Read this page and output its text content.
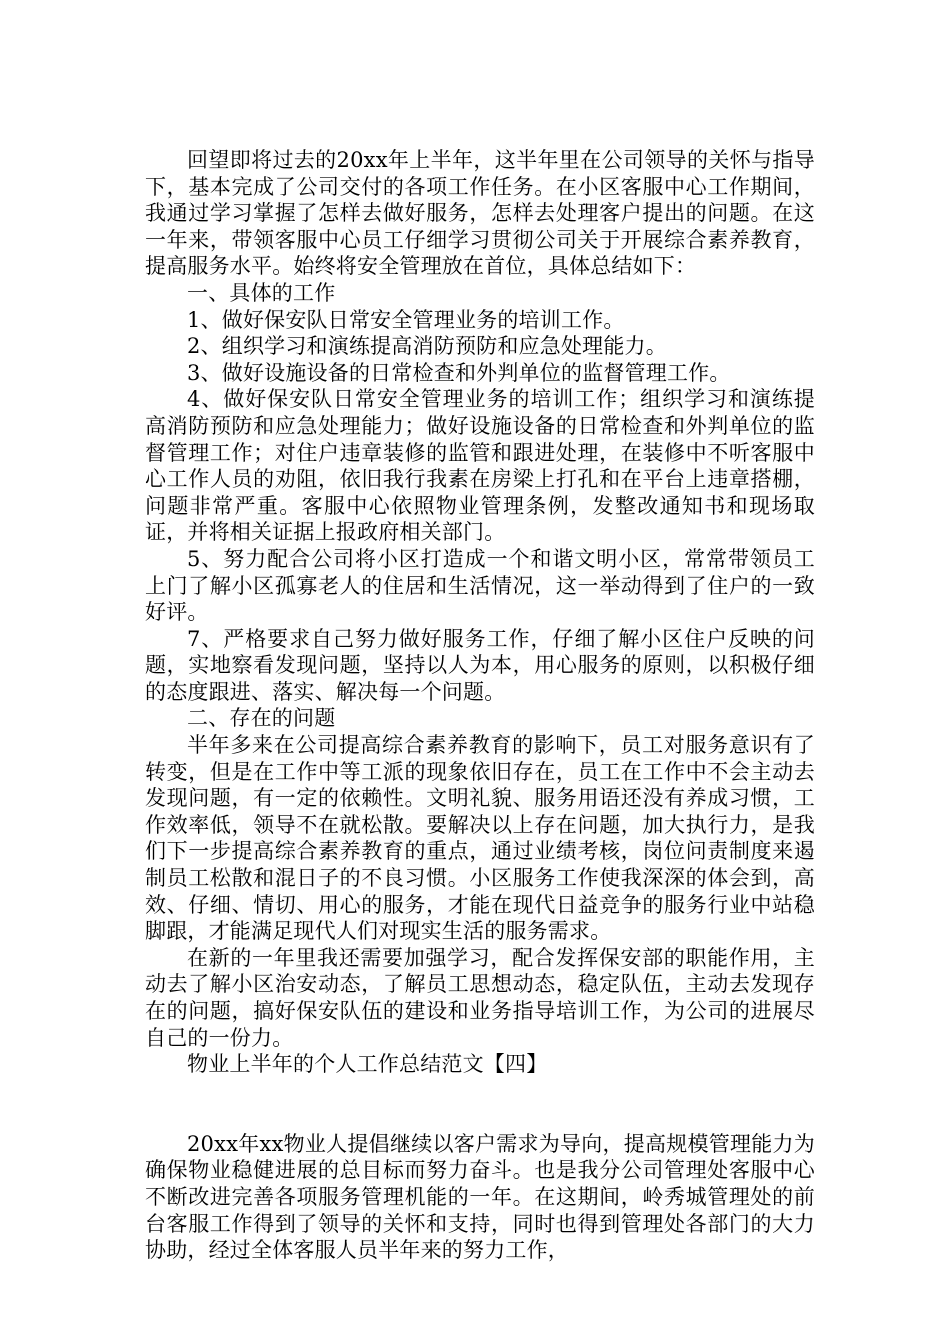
回望即将过去的20xx年上半年，这半年里在公司领导的关怀与指导下，基本完成了公司交付的各项工作任务。在小区客服中心工作期间，我通过学习掌握了怎样去做好服务，怎样去处理客户提出的问题。在这一年来，带领客服中心员工仔细学习贯彻公司关于开展综合素养教育，提高服务水平。始终将安全管理放在首位，具体总结如下：

一、具体的工作

1、做好保安队日常安全管理业务的培训工作。

2、组织学习和演练提高消防预防和应急处理能力。

3、做好设施设备的日常检查和外判单位的监督管理工作。

4、做好保安队日常安全管理业务的培训工作；组织学习和演练提高消防预防和应急处理能力；做好设施设备的日常检查和外判单位的监督管理工作；对住户违章装修的监管和跟进处理，在装修中不听客服中心工作人员的劝阻，依旧我行我素在房梁上打孔和在平台上违章搭棚，问题非常严重。客服中心依照物业管理条例，发整改通知书和现场取证，并将相关证据上报政府相关部门。

5、努力配合公司将小区打造成一个和谐文明小区，常常带领员工上门了解小区孤寡老人的住居和生活情况，这一举动得到了住户的一致好评。

7、严格要求自己努力做好服务工作，仔细了解小区住户反映的问题，实地察看发现问题，坚持以人为本，用心服务的原则，以积极仔细的态度跟进、落实、解决每一个问题。

二、存在的问题

半年多来在公司提高综合素养教育的影响下，员工对服务意识有了转变，但是在工作中等工派的现象依旧存在，员工在工作中不会主动去发现问题，有一定的依赖性。文明礼貌、服务用语还没有养成习惯，工作效率低，领导不在就松散。要解决以上存在问题，加大执行力，是我们下一步提高综合素养教育的重点，通过业绩考核，岗位问责制度来遏制员工松散和混日子的不良习惯。小区服务工作使我深深的体会到，高效、仔细、情切、用心的服务，才能在现代日益竞争的服务行业中站稳脚跟，才能满足现代人们对现实生活的服务需求。

在新的一年里我还需要加强学习，配合发挥保安部的职能作用，主动去了解小区治安动态，了解员工思想动态，稳定队伍，主动去发现存在的问题，搞好保安队伍的建设和业务指导培训工作，为公司的进展尽自己的一份力。

物业上半年的个人工作总结范文【四】

20xx年xx物业人提倡继续以客户需求为导向，提高规模管理能力为确保物业稳健进展的总目标而努力奋斗。也是我分公司管理处客服中心不断改进完善各项服务管理机能的一年。在这期间，岭秀城管理处的前台客服工作得到了领导的关怀和支持，同时也得到管理处各部门的大力协助，经过全体客服人员半年来的努力工作，
